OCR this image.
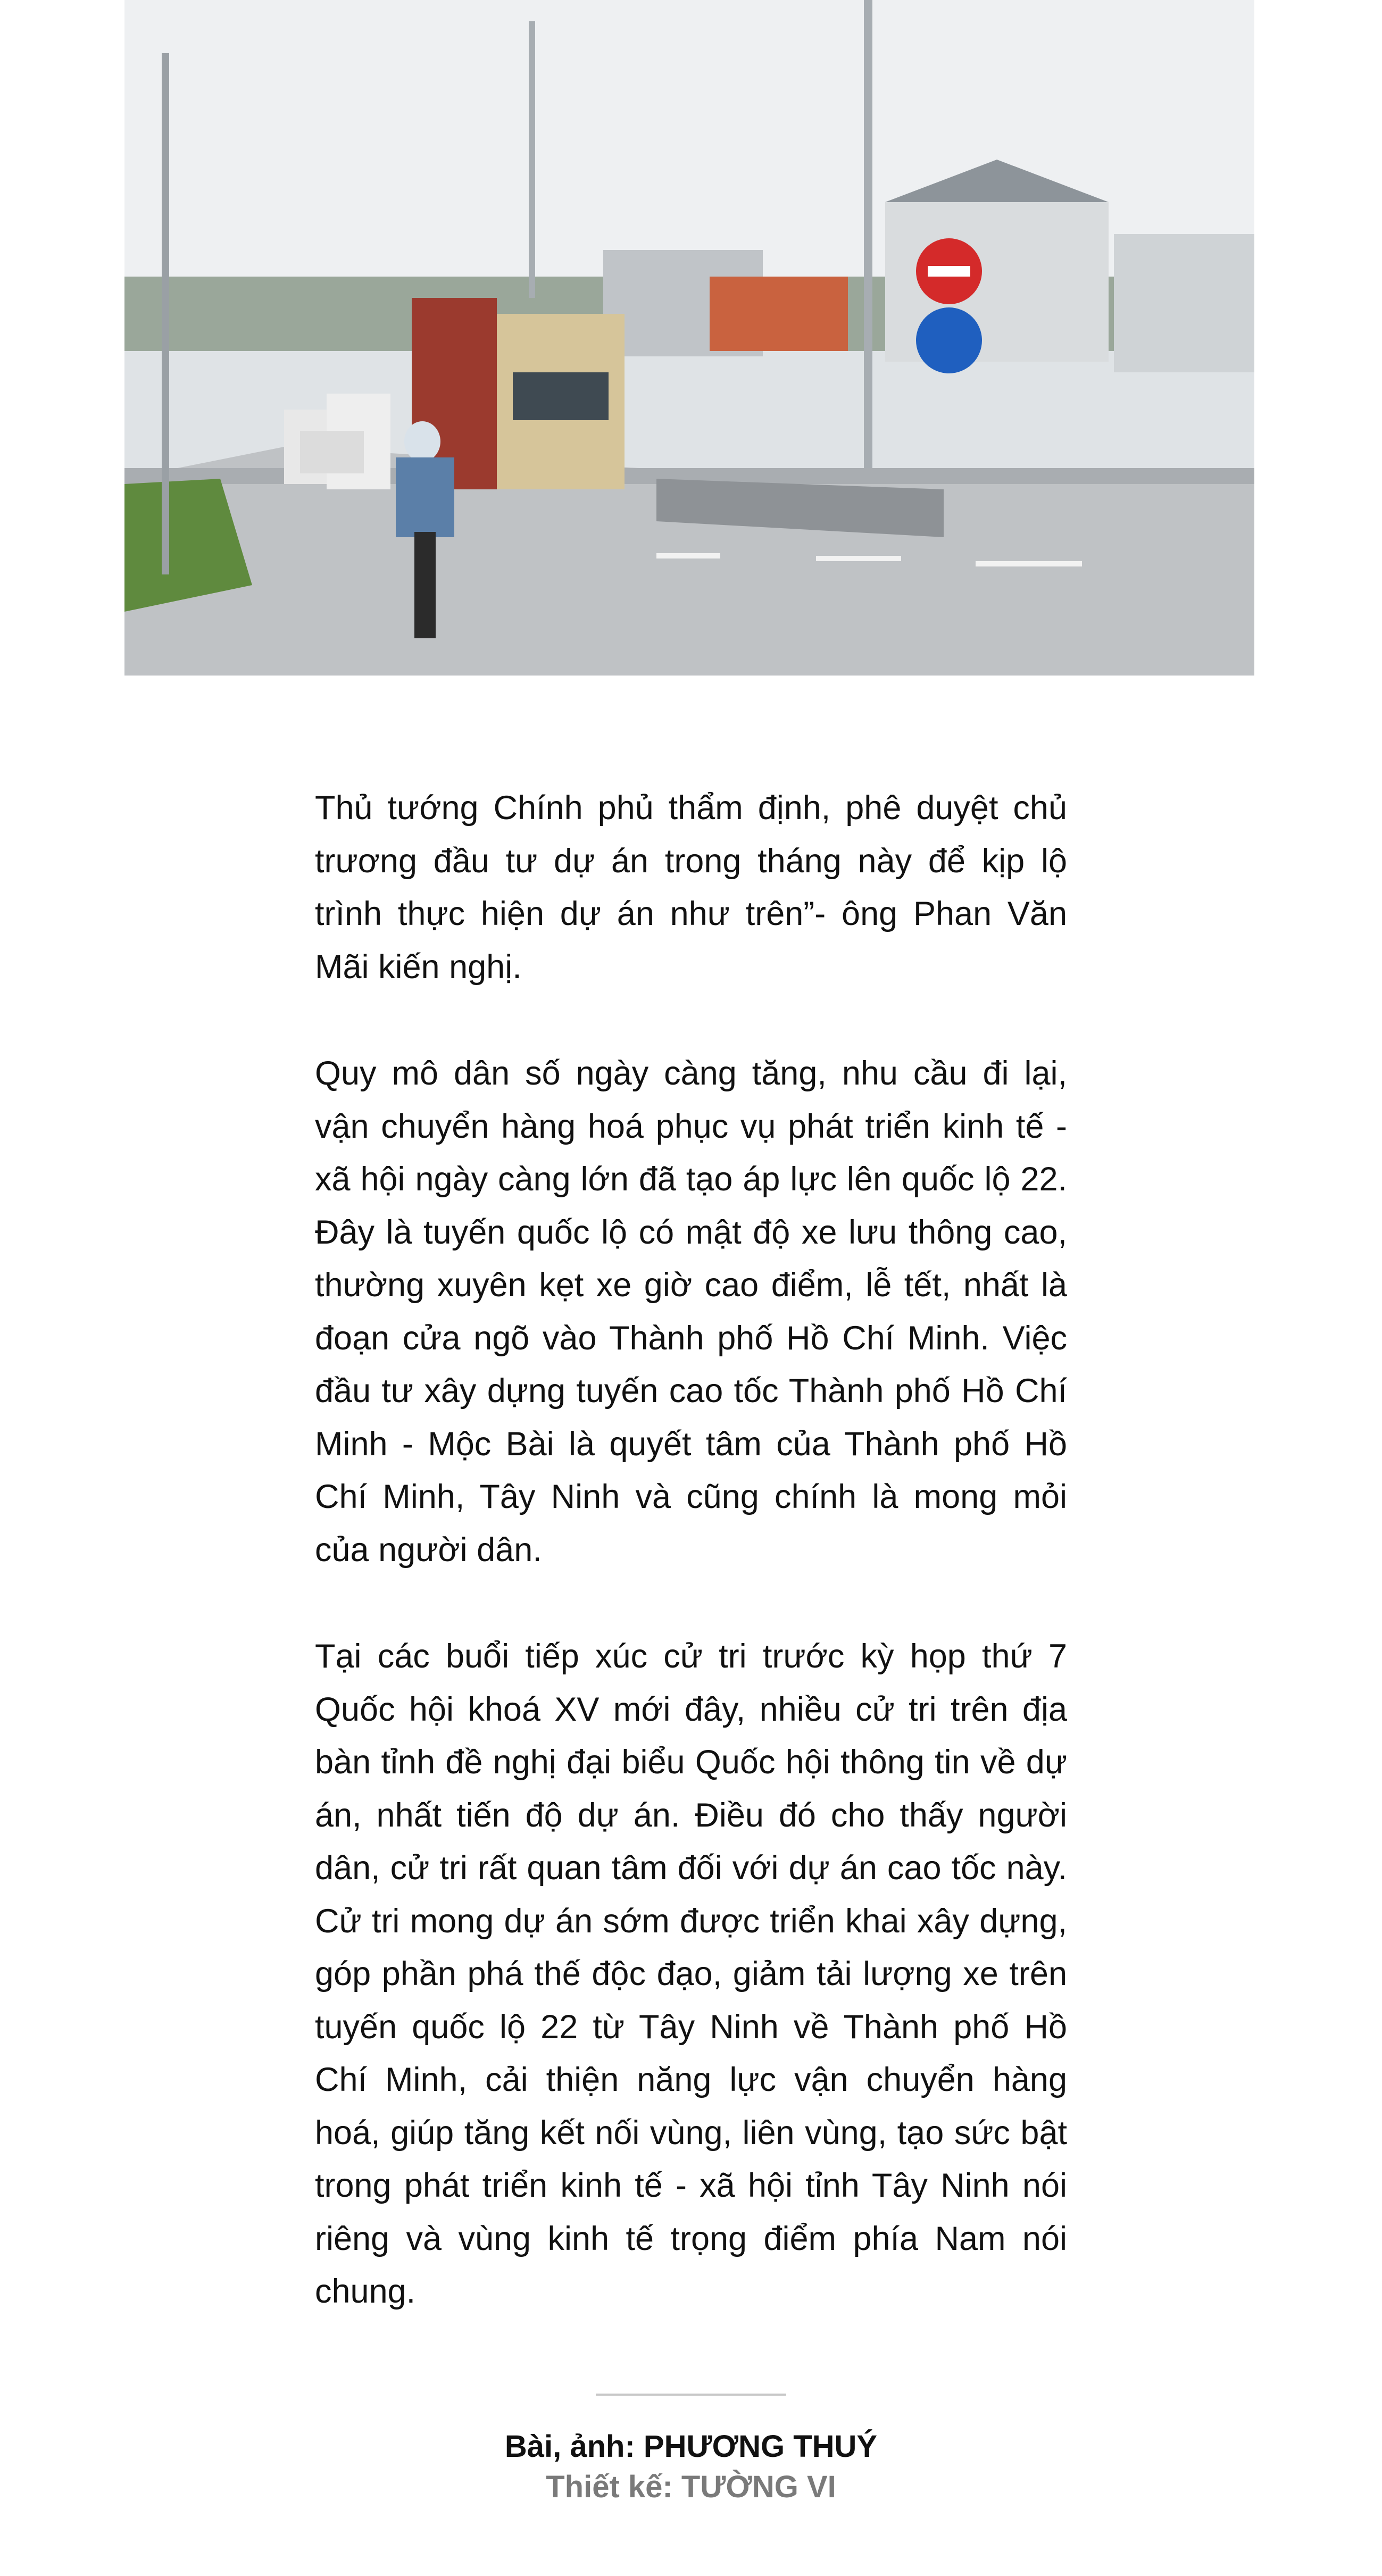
Thủ tướng Chính phủ thẩm định, phê duyệt chủ trương đầu tư dự án trong tháng này để kịp lộ trình thực hiện dự án như trên”- ông Phan Văn Mãi kiến nghị.

Quy mô dân số ngày càng tăng, nhu cầu đi lại, vận chuyển hàng hoá phục vụ phát triển kinh tế - xã hội ngày càng lớn đã tạo áp lực lên quốc lộ 22. Đây là tuyến quốc lộ có mật độ xe lưu thông cao, thường xuyên kẹt xe giờ cao điểm, lễ tết, nhất là đoạn cửa ngõ vào Thành phố Hồ Chí Minh. Việc đầu tư xây dựng tuyến cao tốc Thành phố Hồ Chí Minh - Mộc Bài là quyết tâm của Thành phố Hồ Chí Minh, Tây Ninh và cũng chính là mong mỏi của người dân.

Tại các buổi tiếp xúc cử tri trước kỳ họp thứ 7 Quốc hội khoá XV mới đây, nhiều cử tri trên địa bàn tỉnh đề nghị đại biểu Quốc hội thông tin về dự án, nhất tiến độ dự án. Điều đó cho thấy người dân, cử tri rất quan tâm đối với dự án cao tốc này. Cử tri mong dự án sớm được triển khai xây dựng, góp phần phá thế độc đạo, giảm tải lượng xe trên tuyến quốc lộ 22 từ Tây Ninh về Thành phố Hồ Chí Minh, cải thiện năng lực vận chuyển hàng hoá, giúp tăng kết nối vùng, liên vùng, tạo sức bật trong phát triển kinh tế - xã hội tỉnh Tây Ninh nói riêng và vùng kinh tế trọng điểm phía Nam nói chung.

Bài, ảnh: PHƯƠNG THUÝ
Thiết kế: TƯỜNG VI
